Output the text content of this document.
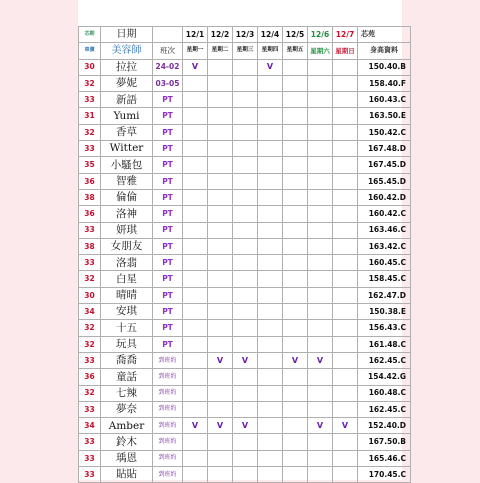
芯期	日期		12/1	12/2	12/3	12/4	12/5	12/6	12/7	芯苑
車價	美容師	班次	星期一	星期二	星期三	星期四	星期五	星期六	星期日	身高資料
30	拉拉	24-02	V			V				150.40.B
32	夢妮	03-05								158.40.F
33	新語	PT								160.43.C
31	Yumi	PT								163.50.E
32	香草	PT								150.42.C
33	Witter	PT								167.48.D
35	小騷包	PT								167.45.D
36	智雅	PT								165.45.D
38	倫倫	PT								160.42.D
36	洛神	PT								160.42.C
33	妍琪	PT								163.46.C
38	女朋友	PT								163.42.C
33	洛翡	PT								160.45.C
32	白星	PT								158.45.C
30	晴晴	PT								162.47.D
34	安琪	PT								150.38.E
32	十五	PT								156.43.C
32	玩具	PT								161.48.C
33	喬喬	到班約		V	V		V	V		162.45.C
36	童話	到班約								154.42.G
32	七辣	到班約								160.48.C
33	夢奈	到班約								162.45.C
34	Amber	到班約	V	V	V			V	V	152.40.D
33	鈴木	到班約								167.50.B
33	瑀恩	到班約								165.46.C
33	貼貼	到班約								170.45.C
